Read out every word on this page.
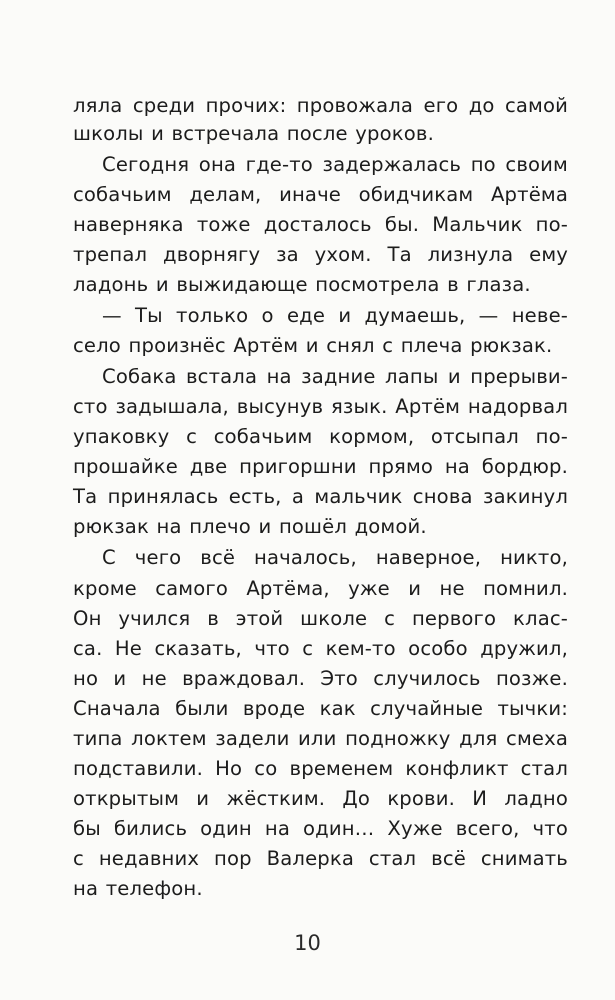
ляла среди прочих: провожала его до самой
школы и встречала после уроков.
Сегодня она где-то задержалась по своим
собачьим делам, иначе обидчикам Артёма
наверняка тоже досталось бы. Мальчик по-
трепал дворнягу за ухом. Та лизнула ему
ладонь и выжидающе посмотрела в глаза.
— Ты только о еде и думаешь, — неве-
село произнёс Артём и снял с плеча рюкзак.
Собака встала на задние лапы и прерыви-
сто задышала, высунув язык. Артём надорвал
упаковку с собачьим кормом, отсыпал по-
прошайке две пригоршни прямо на бордюр.
Та принялась есть, а мальчик снова закинул
рюкзак на плечо и пошёл домой.
С чего всё началось, наверное, никто,
кроме самого Артёма, уже и не помнил.
Он учился в этой школе с первого клас-
са. Не сказать, что с кем-то особо дружил,
но и не враждовал. Это случилось позже.
Сначала были вроде как случайные тычки:
типа локтем задели или подножку для смеха
подставили. Но со временем конфликт стал
открытым и жёстким. До крови. И ладно
бы бились один на один… Хуже всего, что
с недавних пор Валерка стал всё снимать
на телефон.
10
